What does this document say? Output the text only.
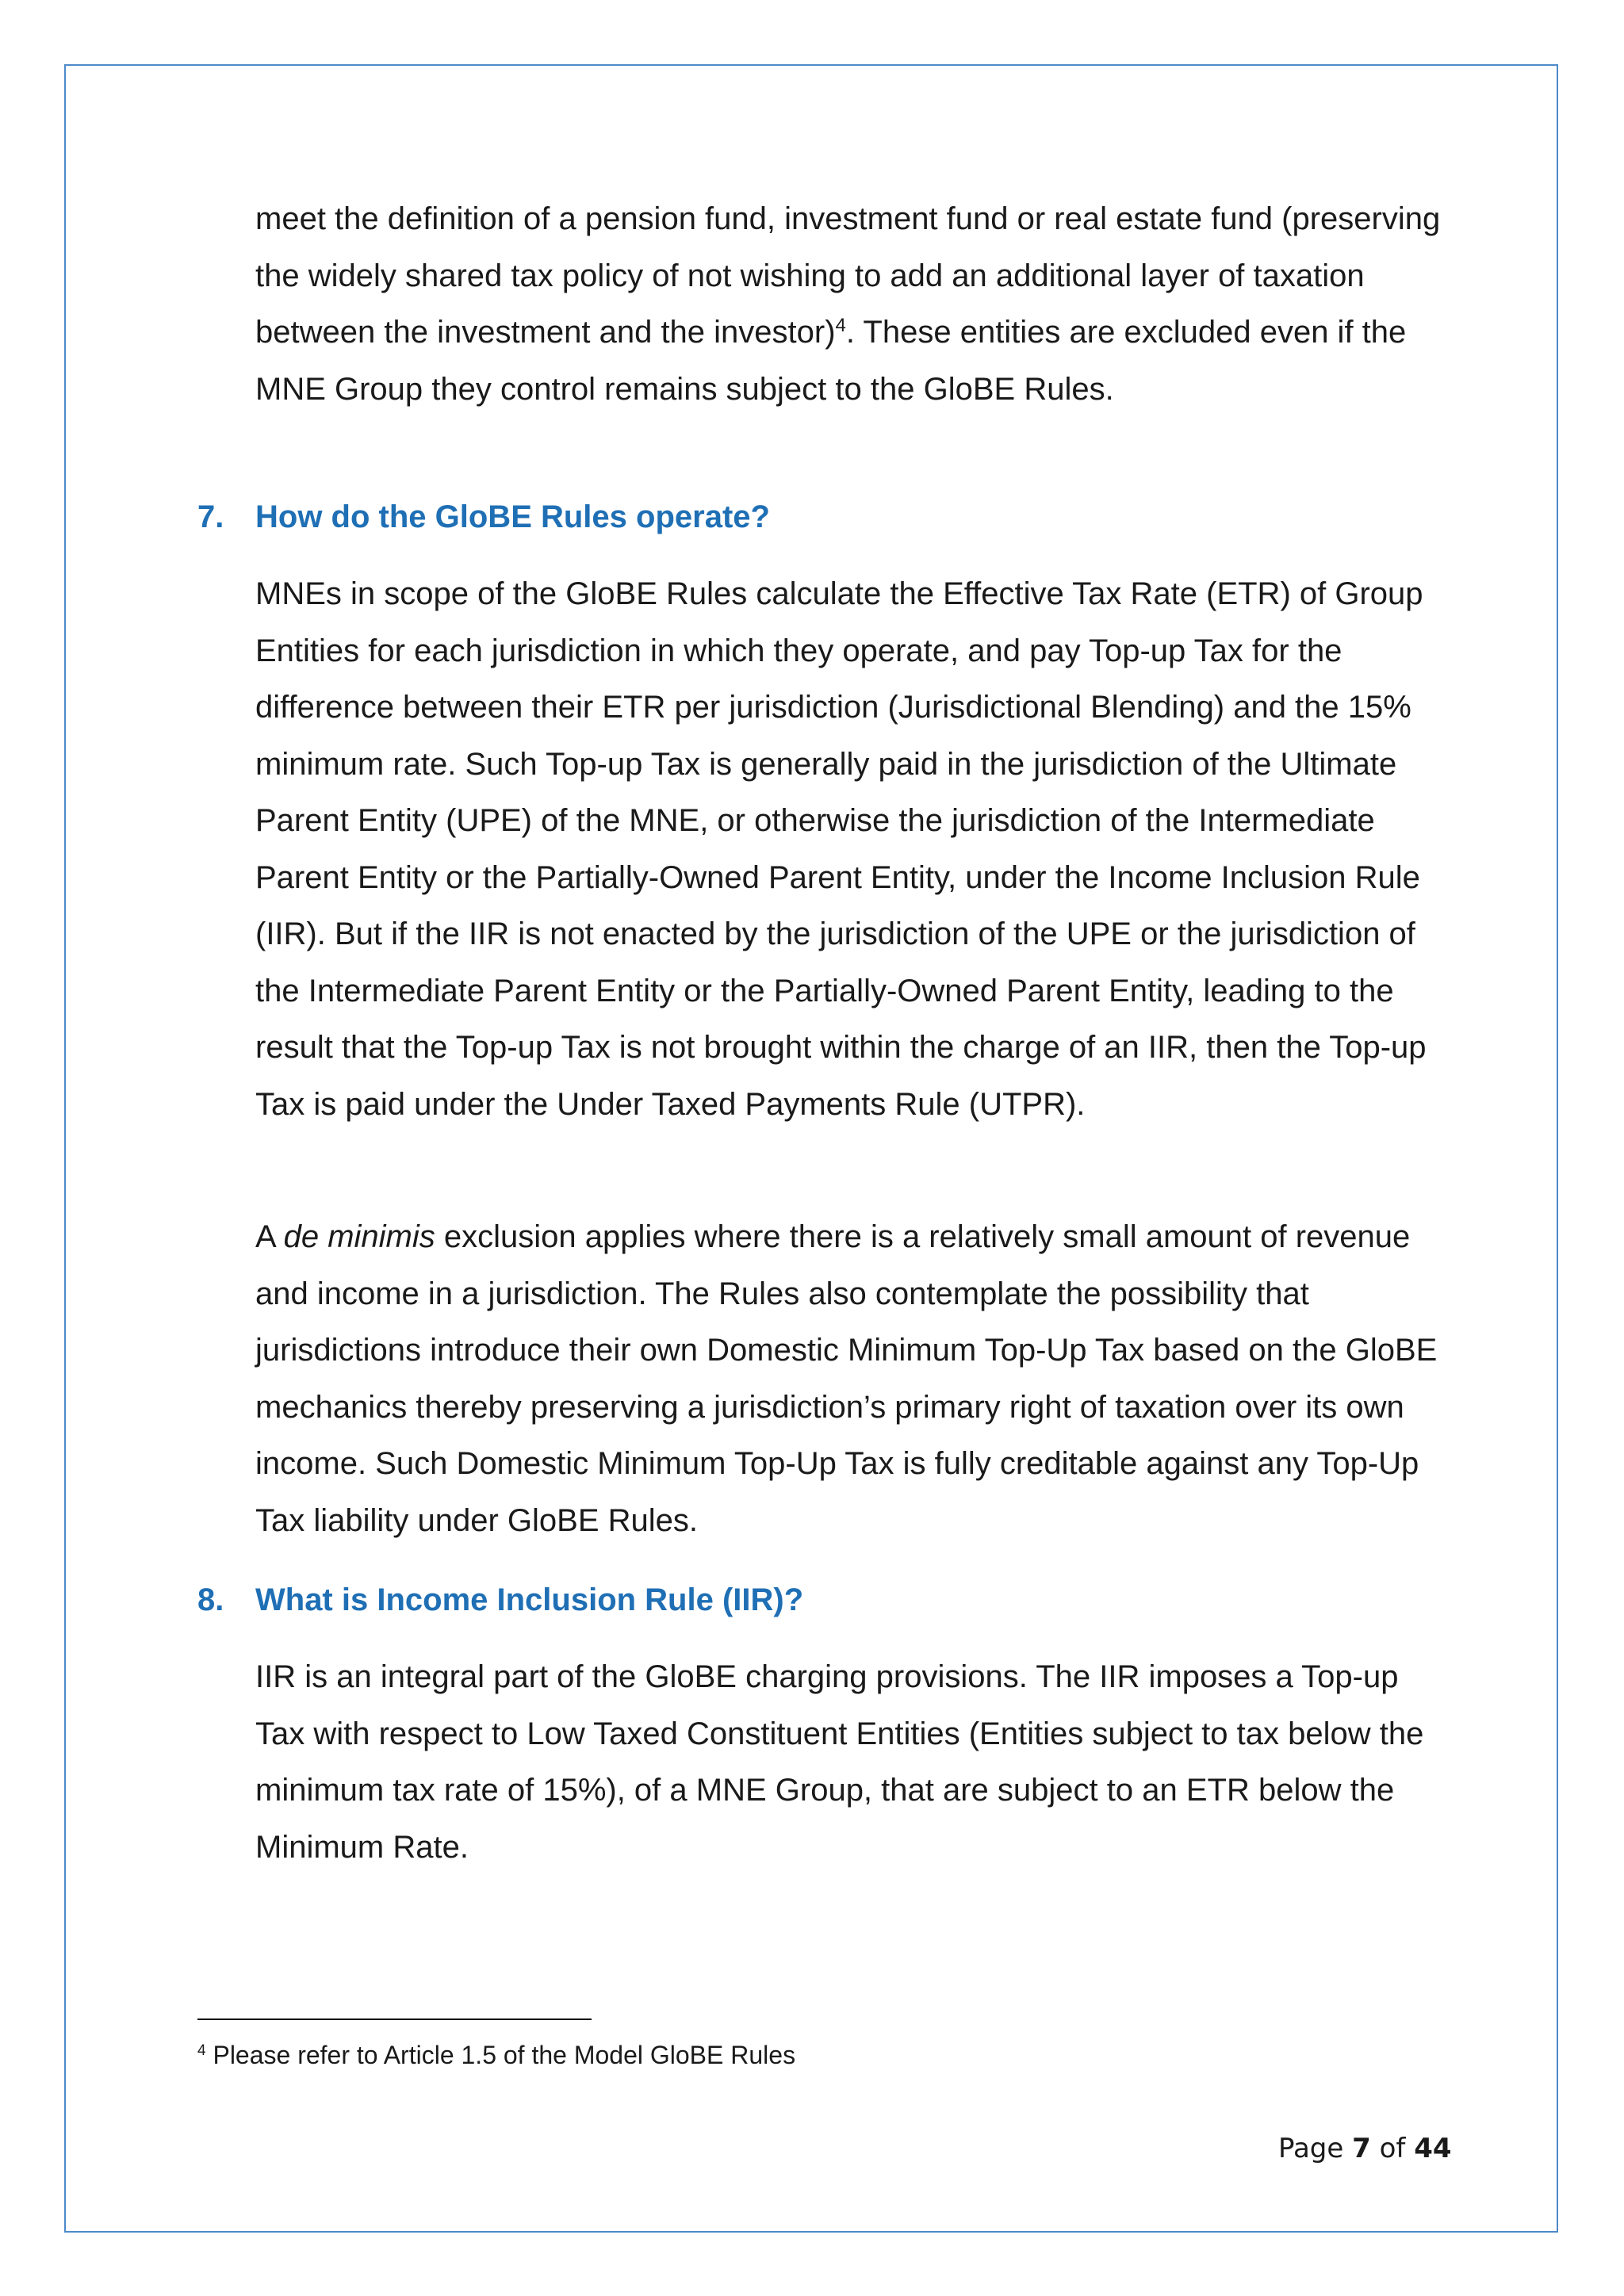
meet the definition of a pension fund, investment fund or real estate fund (preserving the widely shared tax policy of not wishing to add an additional layer of taxation between the investment and the investor)$^4$. These entities are excluded even if the MNE Group they control remains subject to the GloBE Rules.

7. How do the GloBE Rules operate?

MNEs in scope of the GloBE Rules calculate the Effective Tax Rate (ETR) of Group Entities for each jurisdiction in which they operate, and pay Top-up Tax for the difference between their ETR per jurisdiction (Jurisdictional Blending) and the 15% minimum rate. Such Top-up Tax is generally paid in the jurisdiction of the Ultimate Parent Entity (UPE) of the MNE, or otherwise the jurisdiction of the Intermediate Parent Entity or the Partially-Owned Parent Entity, under the Income Inclusion Rule (IIR). But if the IIR is not enacted by the jurisdiction of the UPE or the jurisdiction of the Intermediate Parent Entity or the Partially-Owned Parent Entity, leading to the result that the Top-up Tax is not brought within the charge of an IIR, then the Top-up Tax is paid under the Under Taxed Payments Rule (UTPR).

A de minimis exclusion applies where there is a relatively small amount of revenue and income in a jurisdiction. The Rules also contemplate the possibility that jurisdictions introduce their own Domestic Minimum Top-Up Tax based on the GloBE mechanics thereby preserving a jurisdiction’s primary right of taxation over its own income. Such Domestic Minimum Top-Up Tax is fully creditable against any Top-Up Tax liability under GloBE Rules.

8. What is Income Inclusion Rule (IIR)?

IIR is an integral part of the GloBE charging provisions. The IIR imposes a Top-up Tax with respect to Low Taxed Constituent Entities (Entities subject to tax below the minimum tax rate of 15%), of a MNE Group, that are subject to an ETR below the Minimum Rate.

$^4$ Please refer to Article 1.5 of the Model GloBE Rules

Page 7 of 44
